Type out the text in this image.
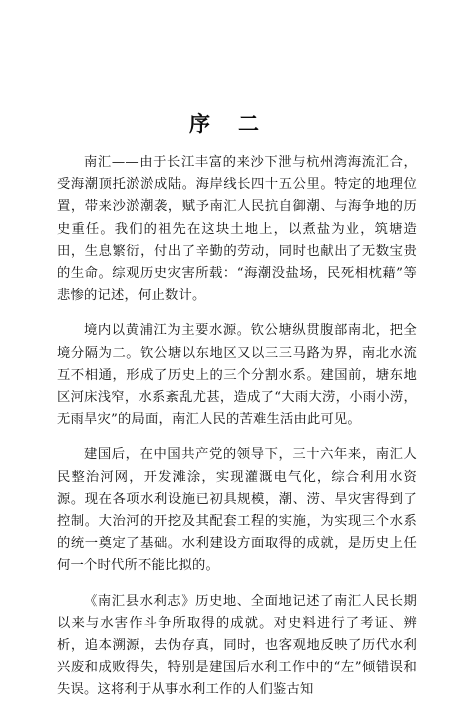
序 二

南汇——由于长江丰富的来沙下泄与杭州湾海流汇合，受海潮顶托淤淤成陆。海岸线长四十五公里。特定的地理位置，带来沙淤潮袭，赋予南汇人民抗自御潮、与海争地的历史重任。我们的祖先在这块土地上，以煮盐为业，筑塘造田，生息繁衍，付出了辛勤的劳动，同时也献出了无数宝贵的生命。综观历史灾害所载：“海潮没盐场，民死相枕藉”等悲惨的记述，何止数计。

境内以黄浦江为主要水源。钦公塘纵贯腹部南北，把全境分隔为二。钦公塘以东地区又以三三马路为界，南北水流互不相通，形成了历史上的三个分割水系。建国前，塘东地区河床浅窄，水系紊乱尤甚，造成了“大雨大涝，小雨小涝，无雨旱灾”的局面，南汇人民的苦难生活由此可见。

建国后，在中国共产党的领导下，三十六年来，南汇人民整治河网，开发滩涂，实现灌溉电气化，综合利用水资源。现在各项水利设施已初具规模，潮、涝、旱灾害得到了控制。大治河的开挖及其配套工程的实施，为实现三个水系的统一奠定了基础。水利建设方面取得的成就，是历史上任何一个时代所不能比拟的。

《南汇县水利志》历史地、全面地记述了南汇人民长期以来与水害作斗争所取得的成就。对史料进行了考证、辨析，追本溯源，去伪存真，同时，也客观地反映了历代水利兴废和成败得失，特别是建国后水利工作中的“左”倾错误和失误。这将利于从事水利工作的人们鉴古知
